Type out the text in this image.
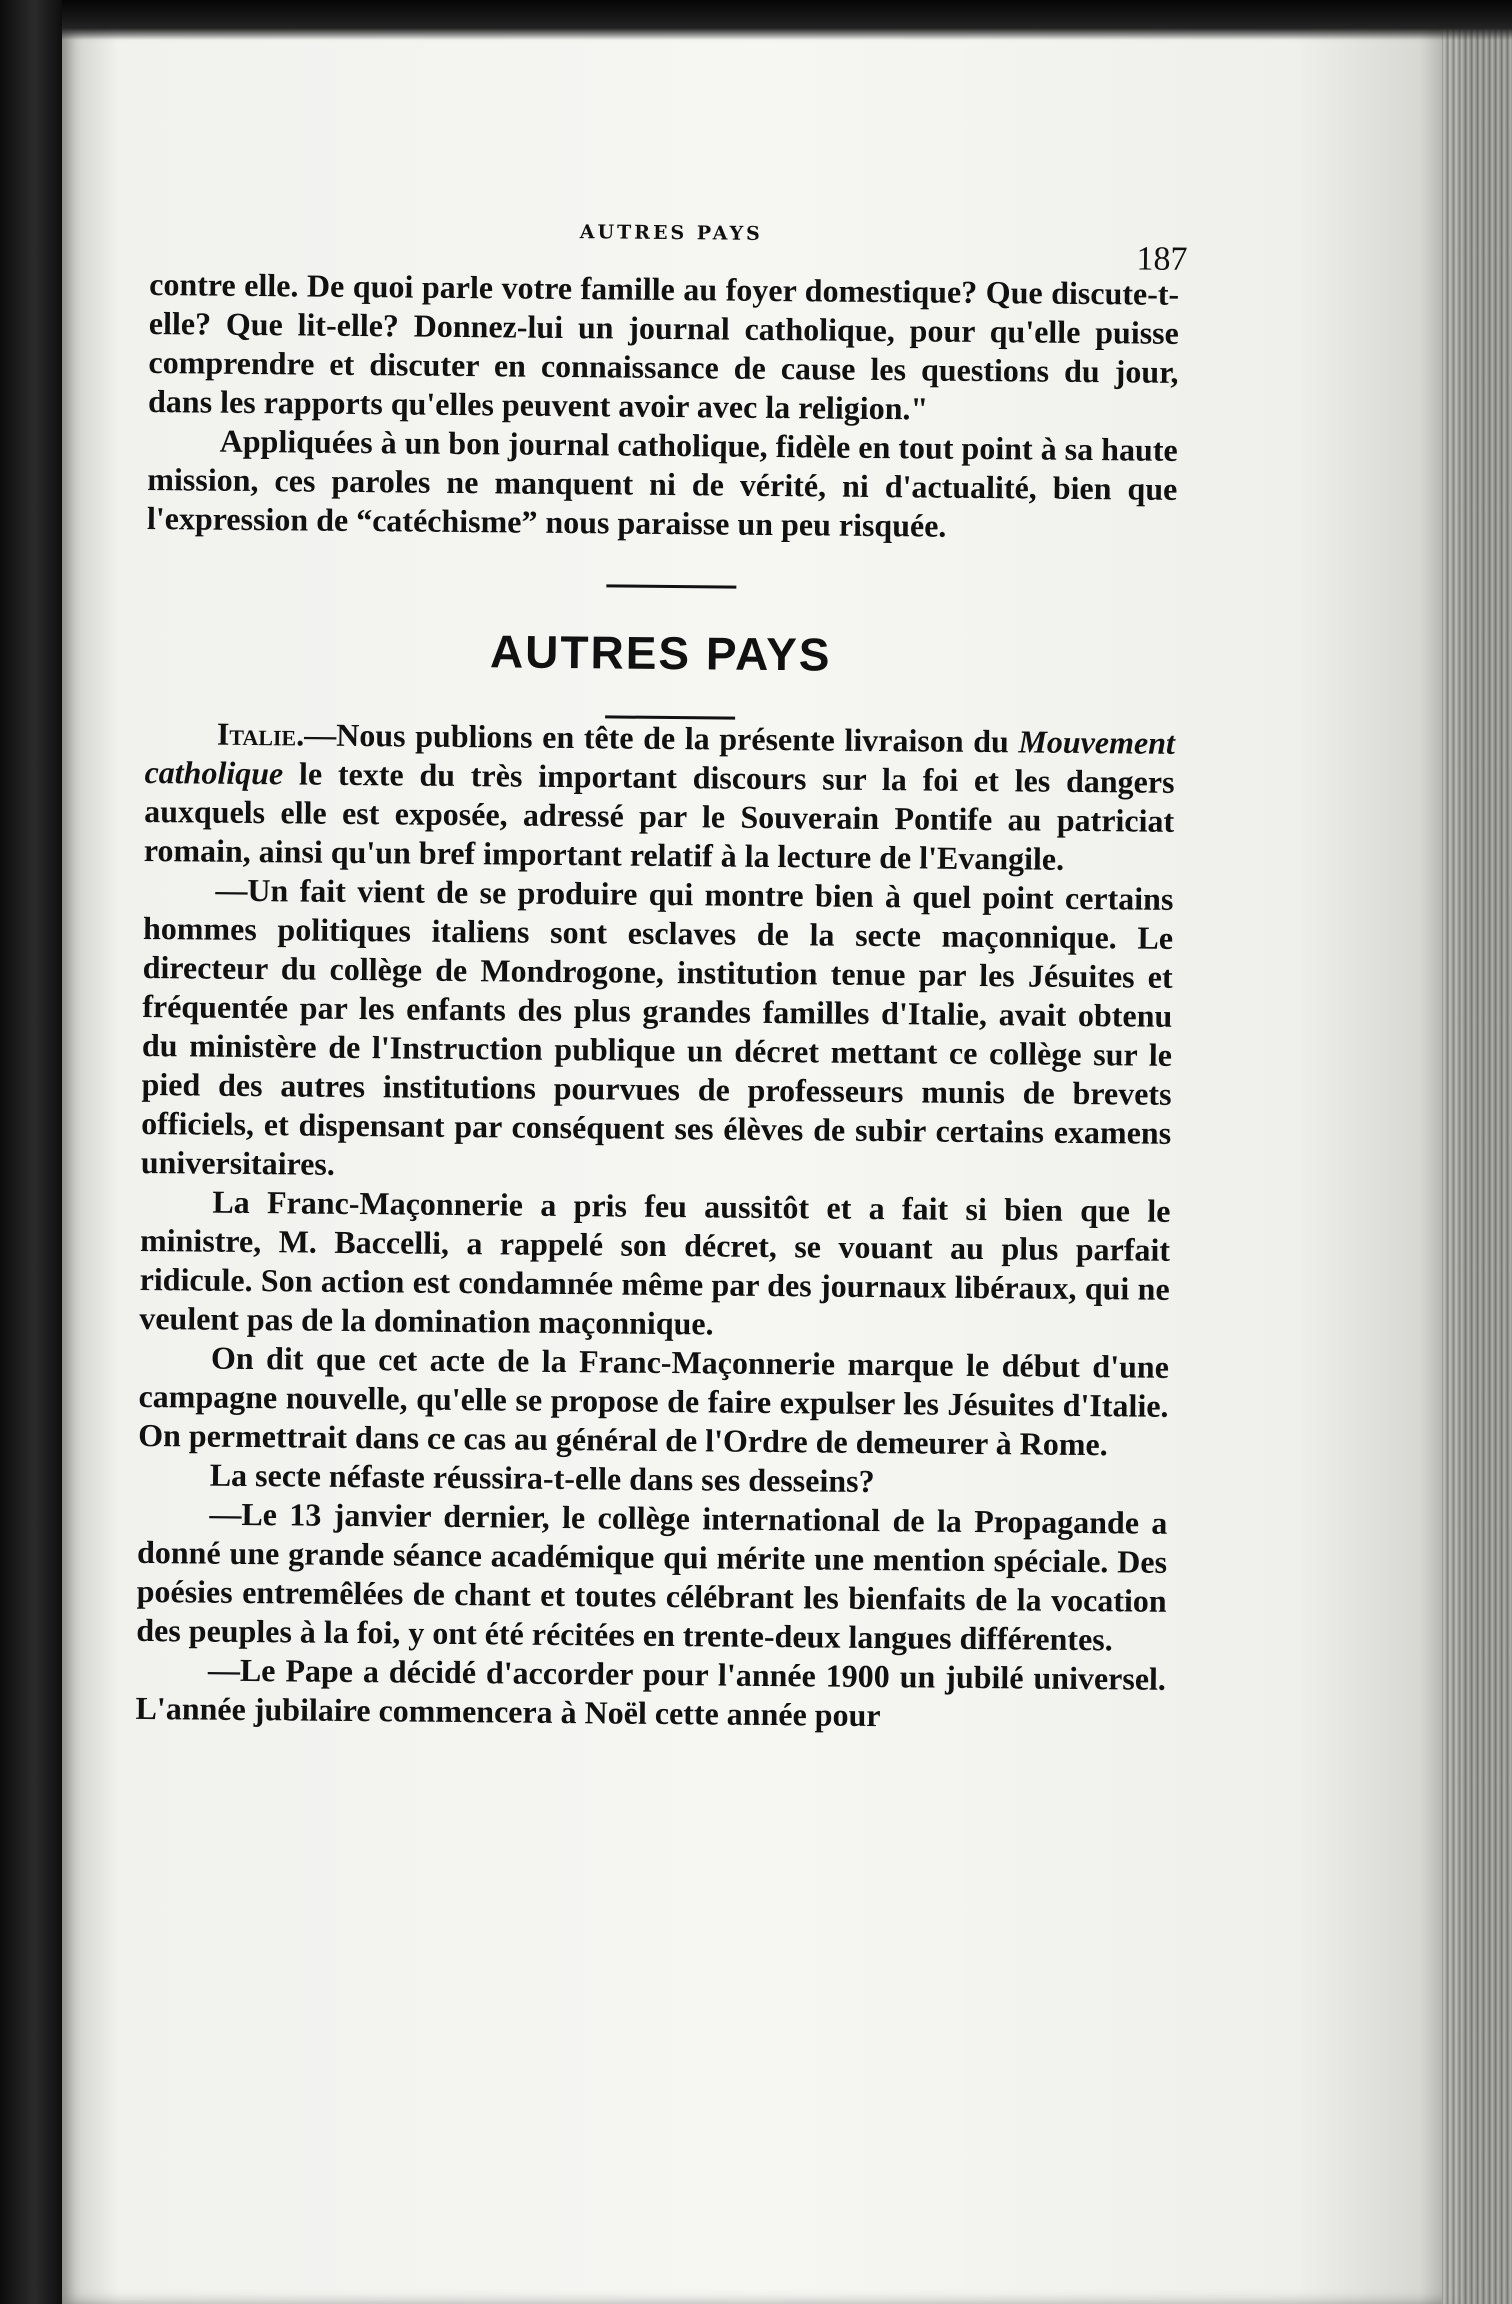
AUTRES PAYS
187

contre elle. De quoi parle votre famille au foyer domestique? Que discute-t-elle? Que lit-elle? Donnez-lui un journal catholique, pour qu'elle puisse comprendre et discuter en connaissance de cause les questions du jour, dans les rapports qu'elles peuvent avoir avec la religion."

Appliquées à un bon journal catholique, fidèle en tout point à sa haute mission, ces paroles ne manquent ni de vérité, ni d'actualité, bien que l'expression de “catéchisme” nous paraisse un peu risquée.

AUTRES PAYS

Italie.—Nous publions en tête de la présente livraison du Mouvement catholique le texte du très important discours sur la foi et les dangers auxquels elle est exposée, adressé par le Souverain Pontife au patriciat romain, ainsi qu'un bref important relatif à la lecture de l'Evangile.

—Un fait vient de se produire qui montre bien à quel point certains hommes politiques italiens sont esclaves de la secte maçonnique. Le directeur du collège de Mondrogone, institution tenue par les Jésuites et fréquentée par les enfants des plus grandes familles d'Italie, avait obtenu du ministère de l'Instruction publique un décret mettant ce collège sur le pied des autres institutions pourvues de professeurs munis de brevets officiels, et dispensant par conséquent ses élèves de subir certains examens universitaires.

La Franc-Maçonnerie a pris feu aussitôt et a fait si bien que le ministre, M. Baccelli, a rappelé son décret, se vouant au plus parfait ridicule. Son action est condamnée même par des journaux libéraux, qui ne veulent pas de la domination maçonnique.

On dit que cet acte de la Franc-Maçonnerie marque le début d'une campagne nouvelle, qu'elle se propose de faire expulser les Jésuites d'Italie. On permettrait dans ce cas au général de l'Ordre de demeurer à Rome.

La secte néfaste réussira-t-elle dans ses desseins?

—Le 13 janvier dernier, le collège international de la Propagande a donné une grande séance académique qui mérite une mention spéciale. Des poésies entremêlées de chant et toutes célébrant les bienfaits de la vocation des peuples à la foi, y ont été récitées en trente-deux langues différentes.

—Le Pape a décidé d'accorder pour l'année 1900 un jubilé universel. L'année jubilaire commencera à Noël cette année pour
